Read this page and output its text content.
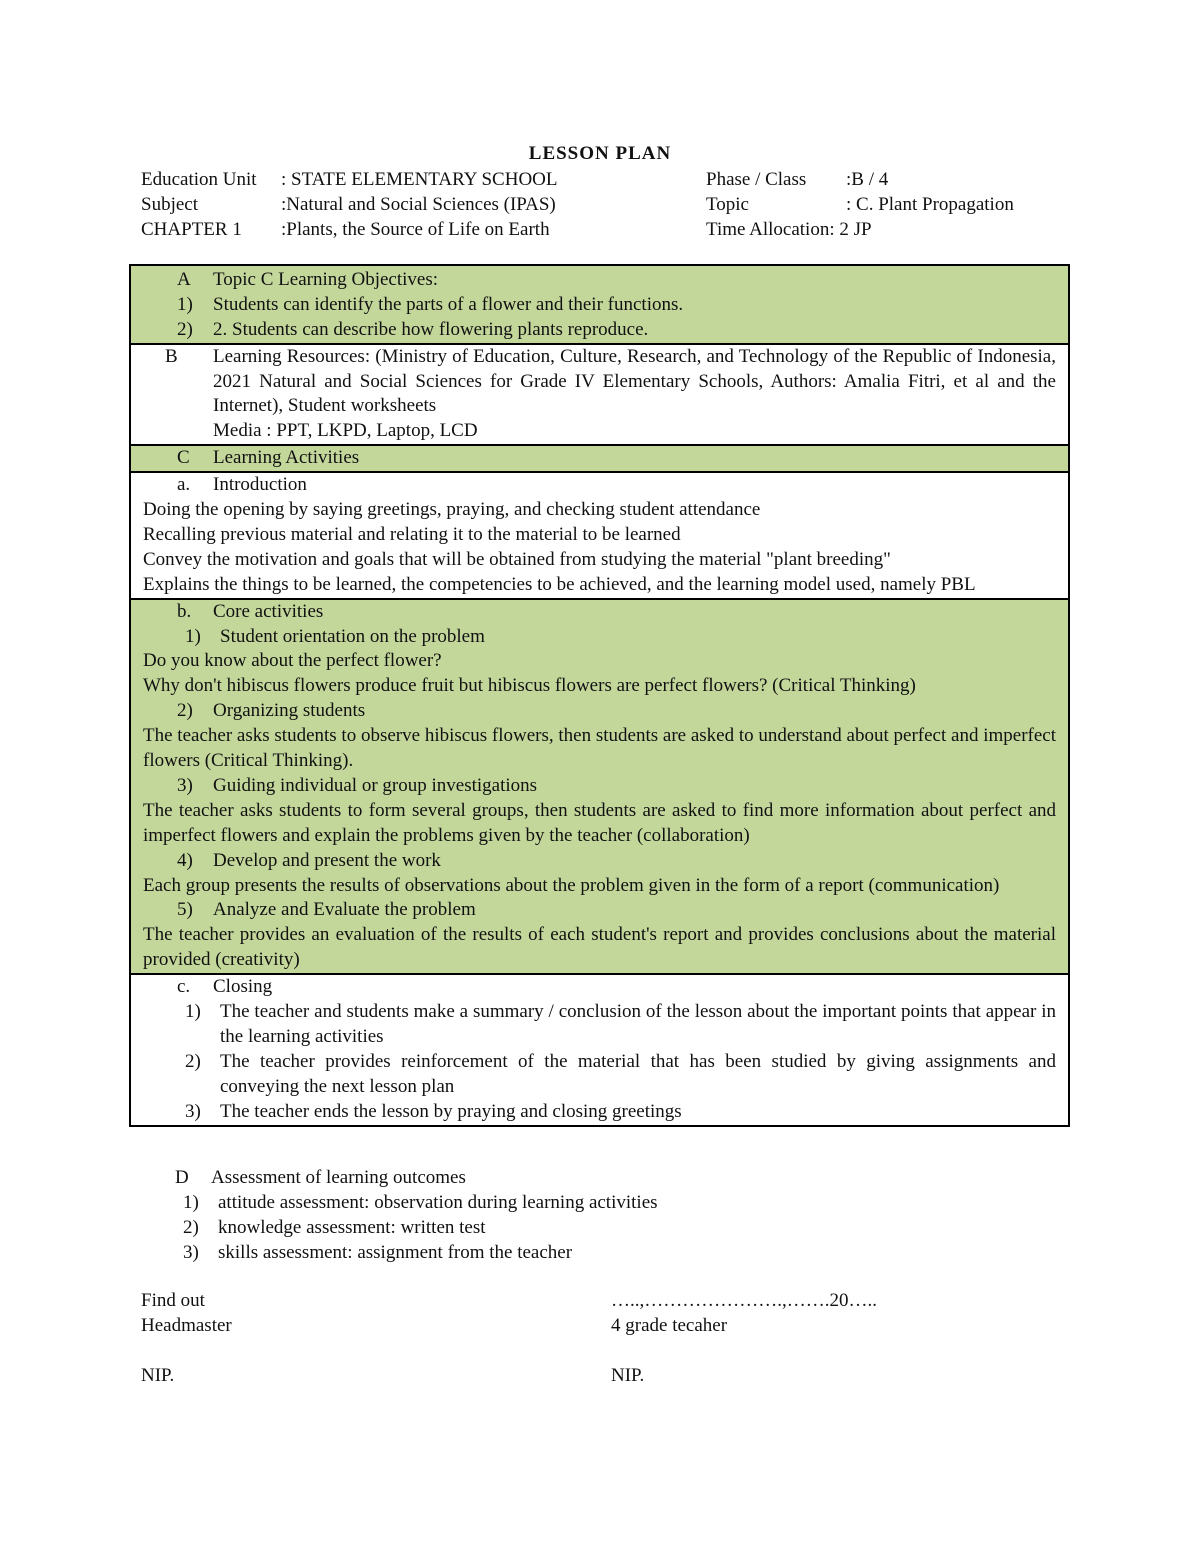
LESSON PLAN
Education Unit : STATE ELEMENTARY SCHOOL	Phase / Class :B / 4
Subject	:Natural and Social Sciences (IPAS)	Topic	: C. Plant Propagation
CHAPTER 1 :Plants, the Source of Life on Earth	Time Allocation: 2 JP
A Topic C Learning Objectives:
1) Students can identify the parts of a flower and their functions.
2) 2. Students can describe how flowering plants reproduce.
B	Learning Resources: (Ministry of Education, Culture, Research, and Technology of the Republic of Indonesia, 2021 Natural and Social Sciences for Grade IV Elementary Schools, Authors: Amalia Fitri, et al and the Internet), Student worksheets
Media : PPT, LKPD, Laptop, LCD
C Learning Activities
a. Introduction
Doing the opening by saying greetings, praying, and checking student attendance
Recalling previous material and relating it to the material to be learned
Convey the motivation and goals that will be obtained from studying the material "plant breeding"
Explains the things to be learned, the competencies to be achieved, and the learning model used, namely PBL
b. Core activities
1) Student orientation on the problem
Do you know about the perfect flower?
Why don't hibiscus flowers produce fruit but hibiscus flowers are perfect flowers? (Critical Thinking)
2) Organizing students
The teacher asks students to observe hibiscus flowers, then students are asked to understand about perfect and imperfect flowers (Critical Thinking).
3) Guiding individual or group investigations
The teacher asks students to form several groups, then students are asked to find more information about perfect and imperfect flowers and explain the problems given by the teacher (collaboration)
4) Develop and present the work
Each group presents the results of observations about the problem given in the form of a report (communication)
5) Analyze and Evaluate the problem
The teacher provides an evaluation of the results of each student's report and provides conclusions about the material provided (creativity)
c. Closing
1)	The teacher and students make a summary / conclusion of the lesson about the important points that appear in the learning activities
2)	The teacher provides reinforcement of the material that has been studied by giving assignments and conveying the next lesson plan
3)	The teacher ends the lesson by praying and closing greetings
D Assessment of learning outcomes
1) attitude assessment: observation during learning activities
2) knowledge assessment: written test
3) skills assessment: assignment from the teacher
Find out	…..,………………….,…….20…..
Headmaster	4 grade tecaher
NIP.	NIP.
